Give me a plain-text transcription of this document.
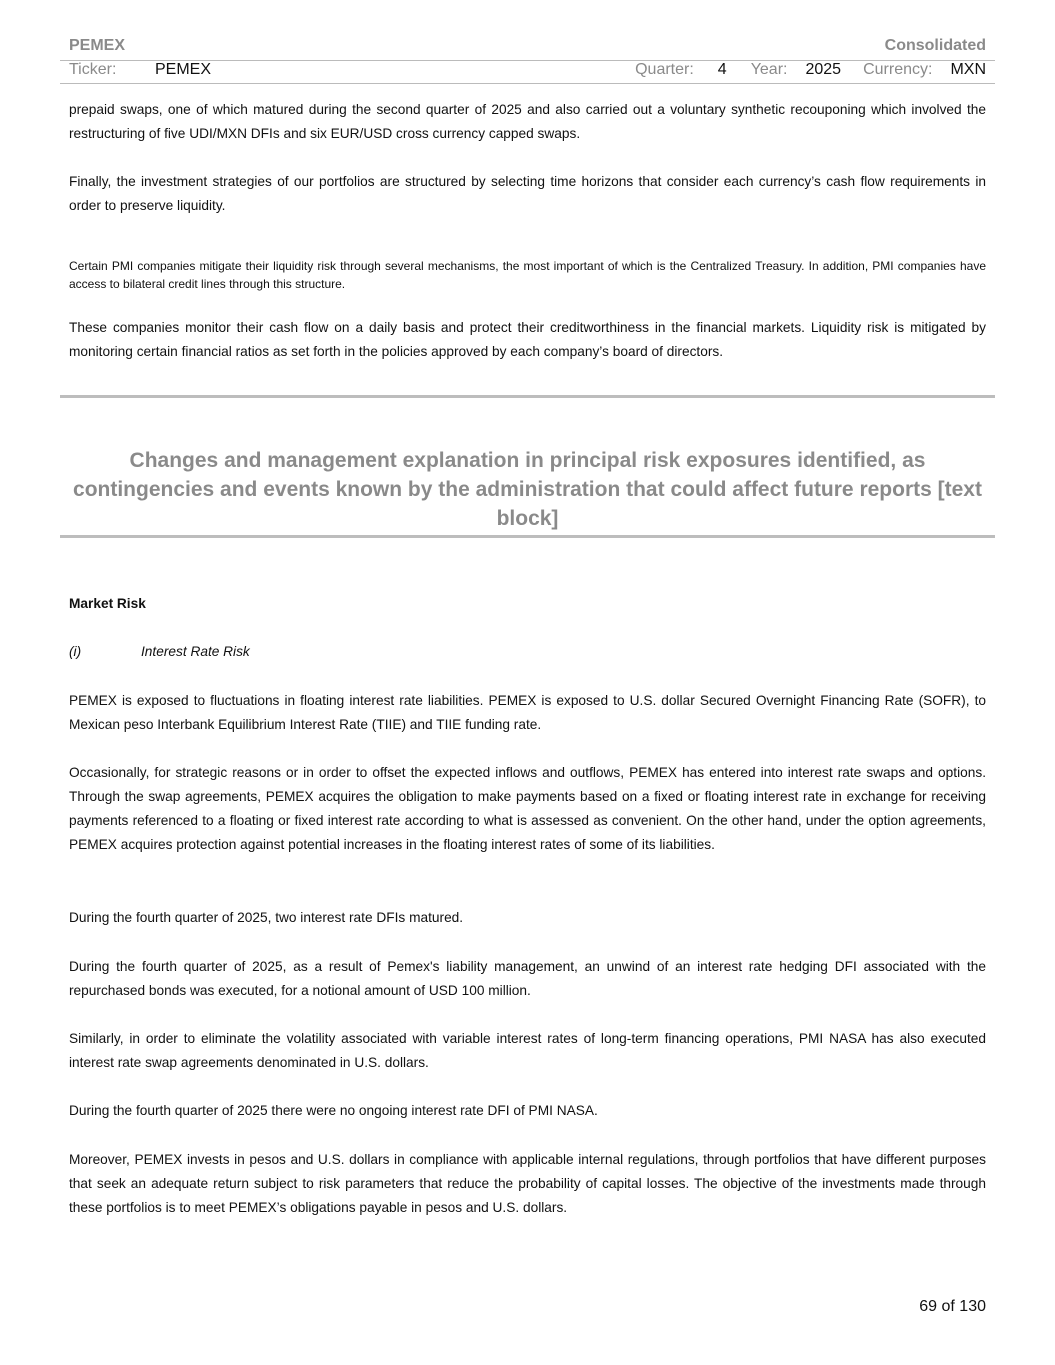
PEMEX	Consolidated
Ticker:	PEMEX	Quarter: 4 Year: 2025 Currency: MXN

prepaid swaps, one of which matured during the second quarter of 2025 and also carried out a voluntary synthetic recouponing which involved the restructuring of five UDI/MXN DFIs and six EUR/USD cross currency capped swaps.

Finally, the investment strategies of our portfolios are structured by selecting time horizons that consider each currency’s cash flow requirements in order to preserve liquidity.

Certain PMI companies mitigate their liquidity risk through several mechanisms, the most important of which is the Centralized Treasury. In addition, PMI companies have access to bilateral credit lines through this structure.

These companies monitor their cash flow on a daily basis and protect their creditworthiness in the financial markets. Liquidity risk is mitigated by monitoring certain financial ratios as set forth in the policies approved by each company’s board of directors.

Changes and management explanation in principal risk exposures identified, as contingencies and events known by the administration that could affect future reports [text block]
Market Risk
(i)	Interest Rate Risk

PEMEX is exposed to fluctuations in floating interest rate liabilities. PEMEX is exposed to U.S. dollar Secured Overnight Financing Rate (SOFR), to Mexican peso Interbank Equilibrium Interest Rate (TIIE) and TIIE funding rate.

Occasionally, for strategic reasons or in order to offset the expected inflows and outflows, PEMEX has entered into interest rate swaps and options. Through the swap agreements, PEMEX acquires the obligation to make payments based on a fixed or floating interest rate in exchange for receiving payments referenced to a floating or fixed interest rate according to what is assessed as convenient. On the other hand, under the option agreements, PEMEX acquires protection against potential increases in the floating interest rates of some of its liabilities.

During the fourth quarter of 2025, two interest rate DFIs matured.

During the fourth quarter of 2025, as a result of Pemex's liability management, an unwind of an interest rate hedging DFI associated with the repurchased bonds was executed, for a notional amount of USD 100 million.

Similarly, in order to eliminate the volatility associated with variable interest rates of long-term financing operations, PMI NASA has also executed interest rate swap agreements denominated in U.S. dollars.

During the fourth quarter of 2025 there were no ongoing interest rate DFI of PMI NASA.

Moreover, PEMEX invests in pesos and U.S. dollars in compliance with applicable internal regulations, through portfolios that have different purposes that seek an adequate return subject to risk parameters that reduce the probability of capital losses. The objective of the investments made through these portfolios is to meet PEMEX’s obligations payable in pesos and U.S. dollars.

69 of 130
